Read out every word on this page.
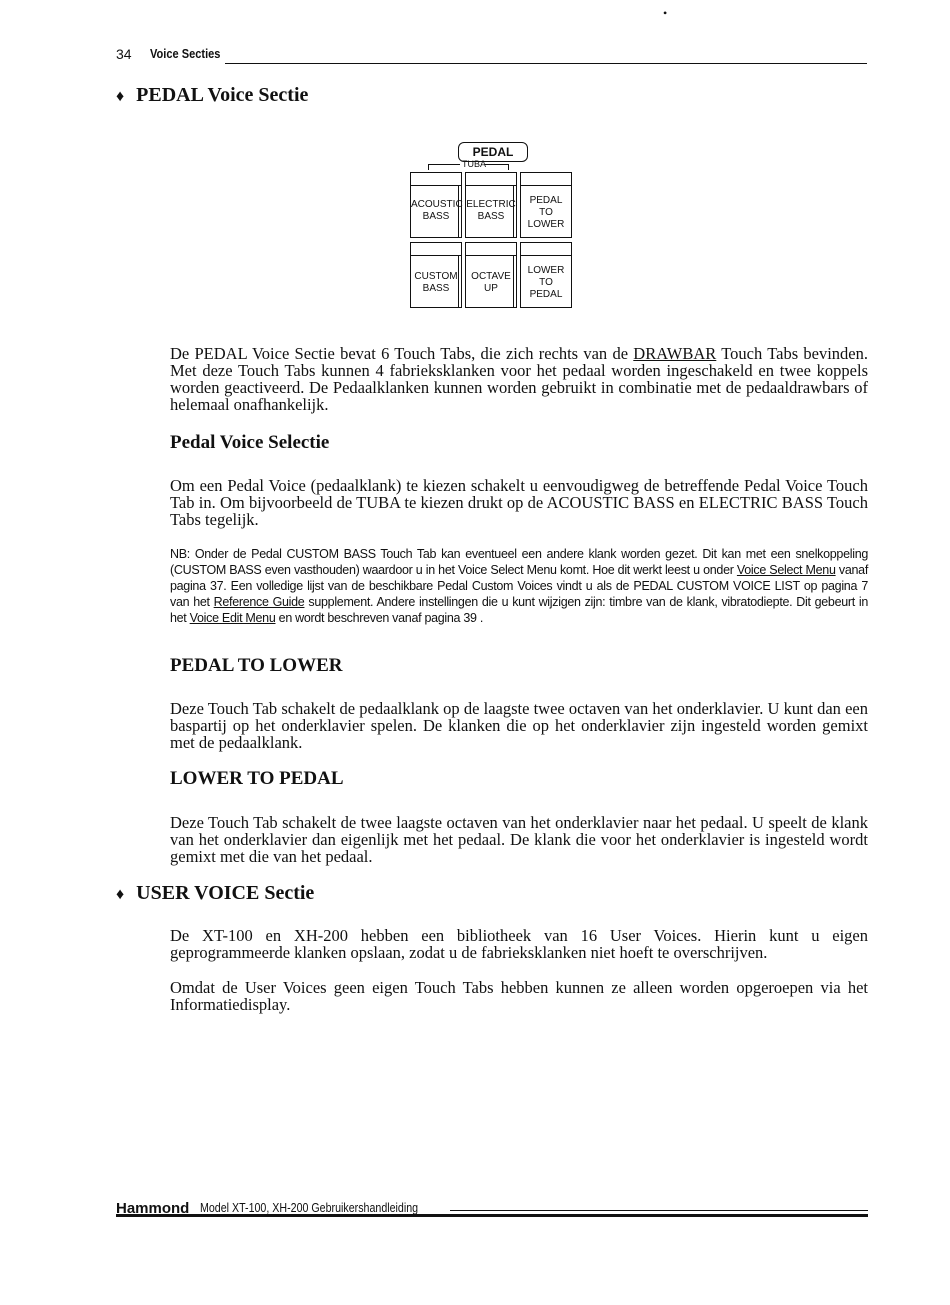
•
34 Voice Secties
♦ PEDAL Voice Sectie
PEDAL
TUBA
ACOUSTIC
BASS
ELECTRIC
BASS
PEDAL
TO
LOWER
CUSTOM
BASS
OCTAVE
UP
LOWER
TO
PEDAL
De PEDAL Voice Sectie bevat 6 Touch Tabs, die zich rechts van de DRAWBAR Touch Tabs bevinden. Met deze Touch Tabs kunnen 4 fabrieksklanken voor het pedaal worden ingeschakeld en twee koppels worden geactiveerd. De Pedaalklanken kunnen worden gebruikt in combinatie met de pedaaldrawbars of helemaal onafhankelijk.
Pedal Voice Selectie
Om een Pedal Voice (pedaalklank) te kiezen schakelt u eenvoudigweg de betreffende Pedal Voice Touch Tab in. Om bijvoorbeeld de TUBA te kiezen drukt op de ACOUSTIC BASS en ELECTRIC BASS Touch Tabs tegelijk.
NB: Onder de Pedal CUSTOM BASS Touch Tab kan eventueel een andere klank worden gezet. Dit kan met een snelkoppeling (CUSTOM BASS even vasthouden) waardoor u in het Voice Select Menu komt. Hoe dit werkt leest u onder Voice Select Menu vanaf pagina 37. Een volledige lijst van de beschikbare Pedal Custom Voices vindt u als de PEDAL CUSTOM VOICE LIST op pagina 7 van het Reference Guide supplement. Andere instellingen die u kunt wijzigen zijn: timbre van de klank, vibratodiepte. Dit gebeurt in het Voice Edit Menu en wordt beschreven vanaf pagina 39 .
PEDAL TO LOWER
Deze Touch Tab schakelt de pedaalklank op de laagste twee octaven van het onderklavier. U kunt dan een baspartij op het onderklavier spelen. De klanken die op het onderklavier zijn ingesteld worden gemixt met de pedaalklank.
LOWER TO PEDAL
Deze Touch Tab schakelt de twee laagste octaven van het onderklavier naar het pedaal. U speelt de klank van het onderklavier dan eigenlijk met het pedaal. De klank die voor het onderklavier is ingesteld wordt gemixt met die van het pedaal.
♦ USER VOICE Sectie
De XT-100 en XH-200 hebben een bibliotheek van 16 User Voices. Hierin kunt u eigen geprogrammeerde klanken opslaan, zodat u de fabrieksklanken niet hoeft te overschrijven.
Omdat de User Voices geen eigen Touch Tabs hebben kunnen ze alleen worden opgeroepen via het Informatiedisplay.
Hammond Model XT-100, XH-200 Gebruikershandleiding
